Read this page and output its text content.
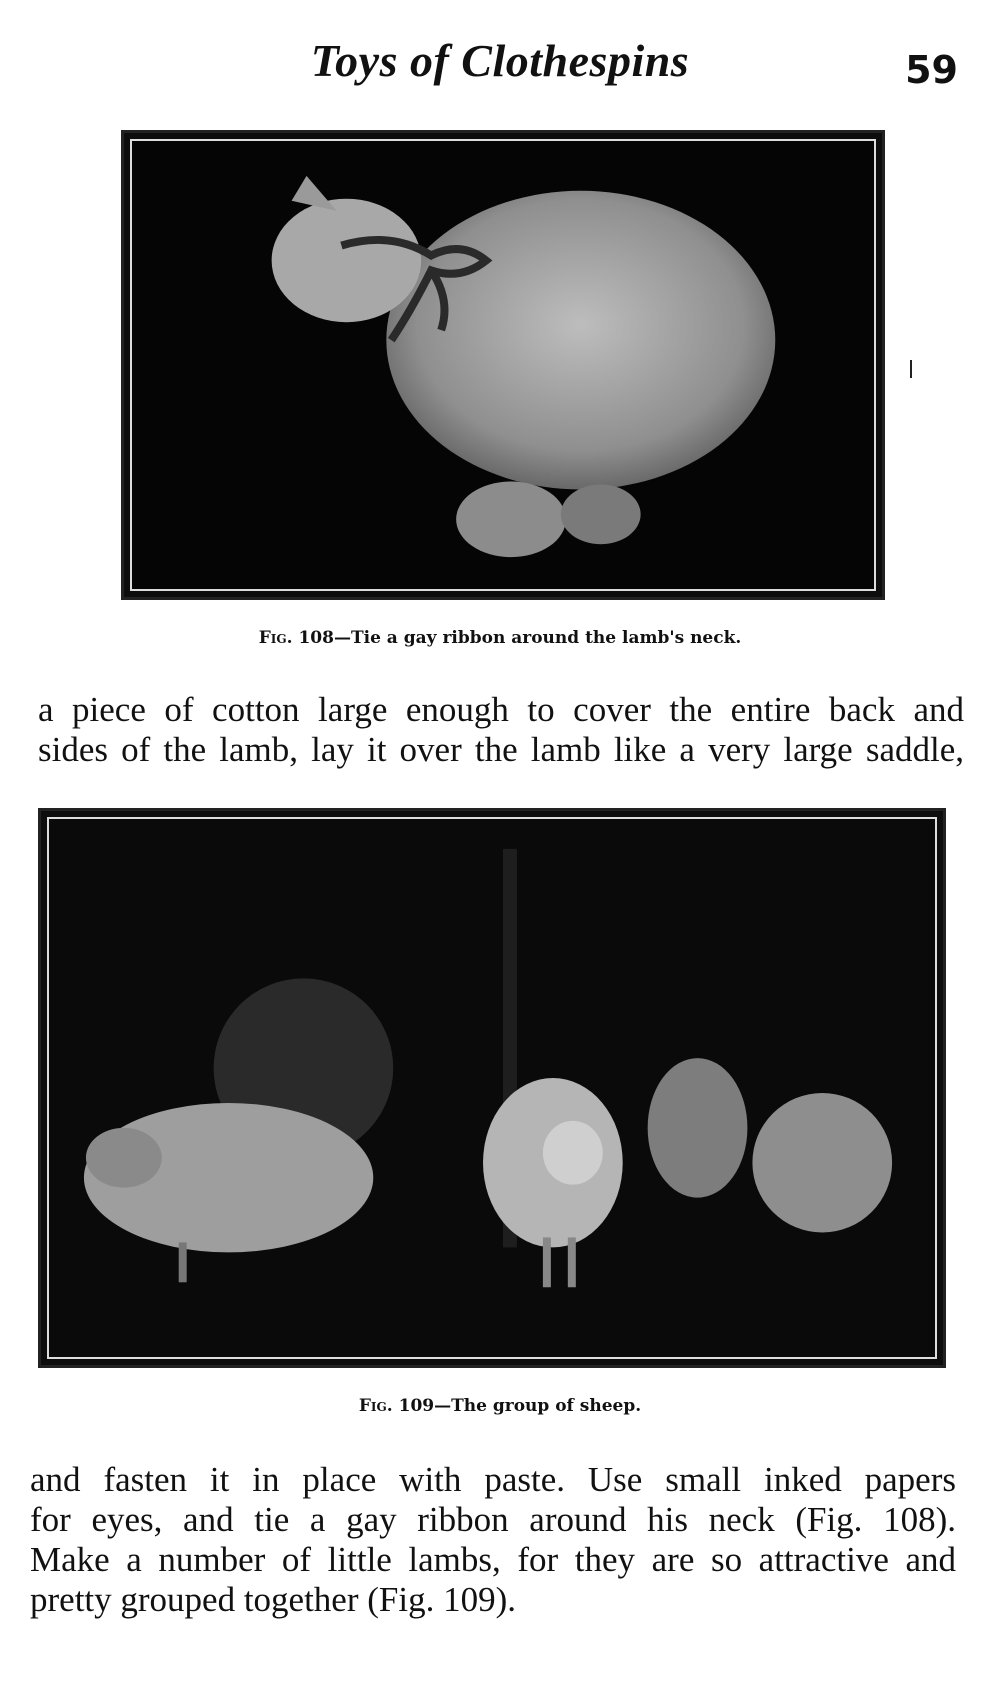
Toys of Clothespins	59
Fig. 108—Tie a gay ribbon around the lamb's neck.
a piece of cotton large enough to cover the entire back and
sides of the lamb, lay it over the lamb like a very large saddle,
Fig. 109—The group of sheep.
and fasten it in place with paste. Use small inked papers
for eyes, and tie a gay ribbon around his neck (Fig. 108).
Make a number of little lambs, for they are so attractive and
pretty grouped together (Fig. 109).
